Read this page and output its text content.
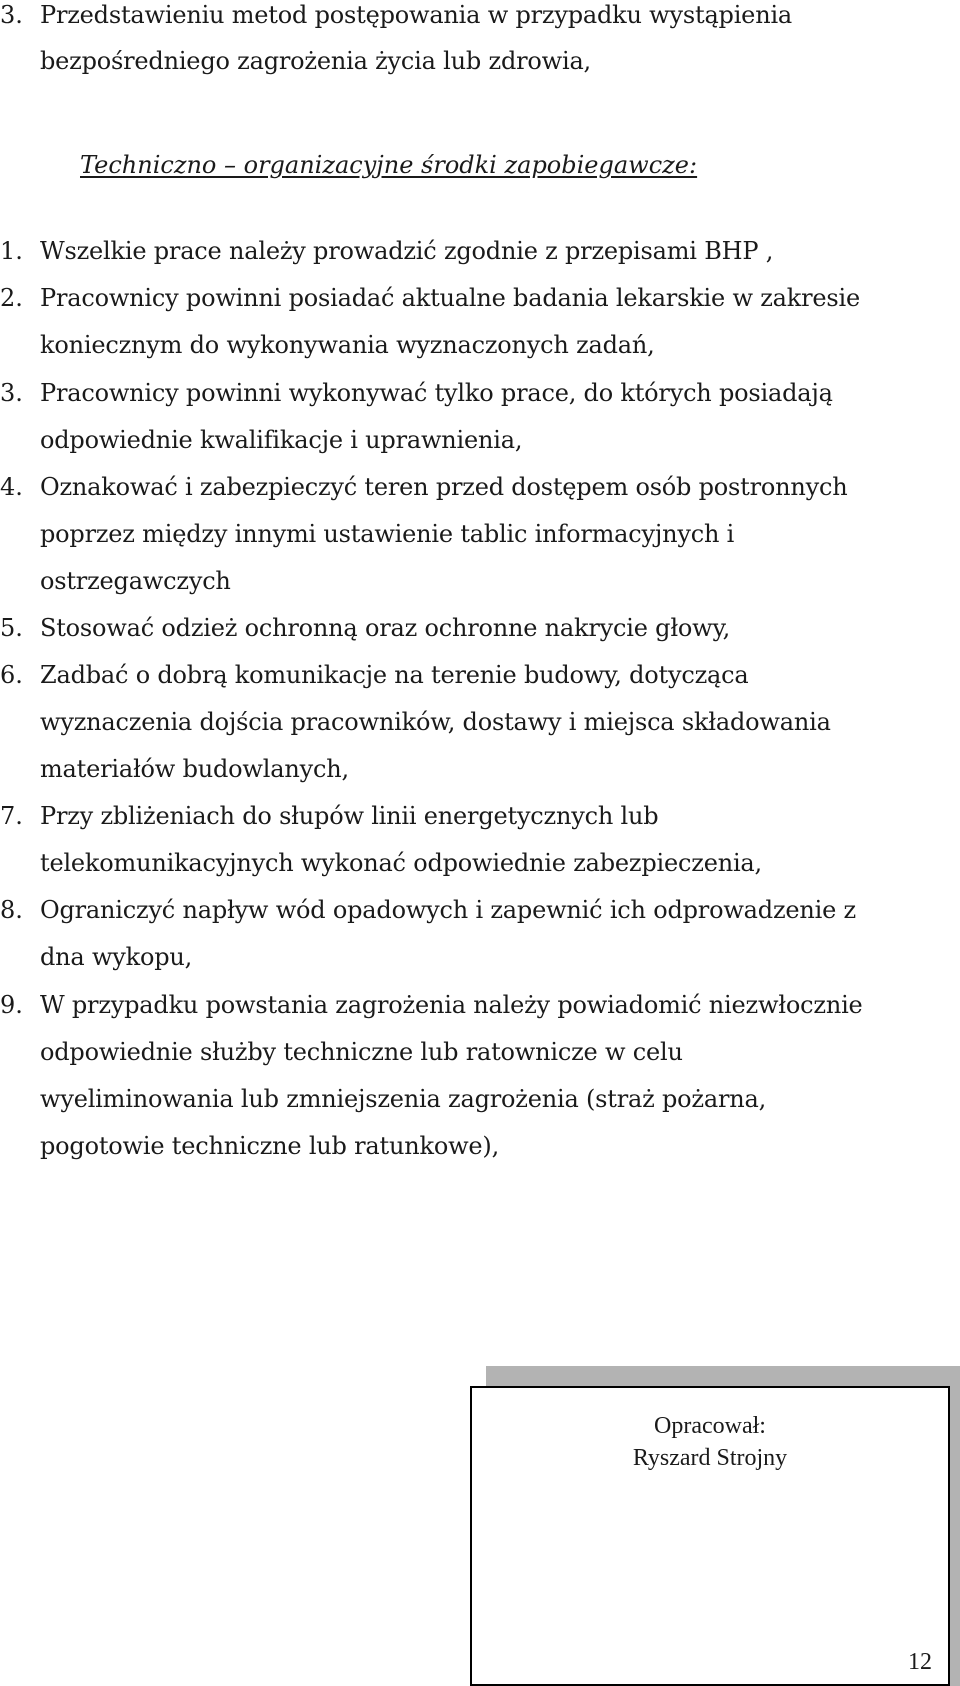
3. Przedstawieniu metod postępowania w przypadku wystąpienia
bezpośredniego zagrożenia życia lub zdrowia,
Techniczno – organizacyjne środki zapobiegawcze:
1. Wszelkie prace należy prowadzić zgodnie z przepisami BHP ,
2. Pracownicy powinni posiadać aktualne badania lekarskie w zakresie
koniecznym do wykonywania wyznaczonych zadań,
3. Pracownicy powinni wykonywać tylko prace, do których posiadają
odpowiednie kwalifikacje i uprawnienia,
4. Oznakować i zabezpieczyć teren przed dostępem osób postronnych
poprzez między innymi ustawienie tablic informacyjnych i
ostrzegawczych
5. Stosować odzież ochronną oraz ochronne nakrycie głowy,
6. Zadbać o dobrą komunikacje na terenie budowy, dotycząca
wyznaczenia dojścia pracowników, dostawy i miejsca składowania
materiałów budowlanych,
7. Przy zbliżeniach do słupów linii energetycznych lub
telekomunikacyjnych wykonać odpowiednie zabezpieczenia,
8. Ograniczyć napływ wód opadowych i zapewnić ich odprowadzenie z
dna wykopu,
9. W przypadku powstania zagrożenia należy powiadomić niezwłocznie
odpowiednie służby techniczne lub ratownicze w celu
wyeliminowania lub zmniejszenia zagrożenia (straż pożarna,
pogotowie techniczne lub ratunkowe),
Opracował:
Ryszard Strojny
12
